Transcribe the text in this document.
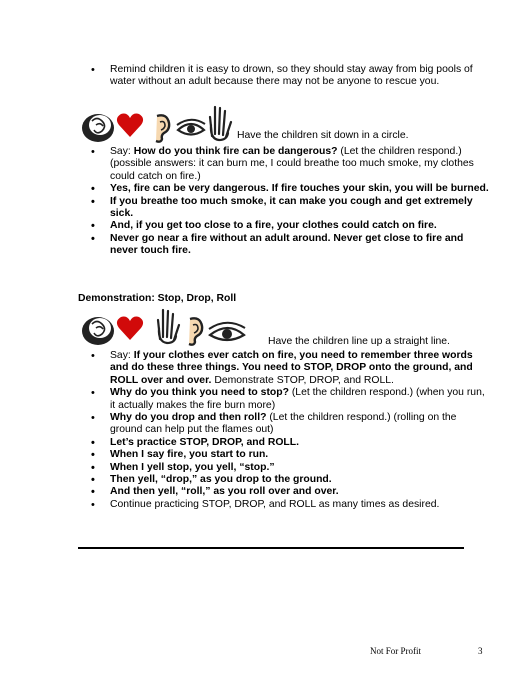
• Remind children it is easy to drown, so they should stay away from big pools of water without an adult because there may not be anyone to rescue you.
Have the children sit down in a circle.
• Say: How do you think fire can be dangerous? (Let the children respond.) (possible answers: it can burn me, I could breathe too much smoke, my clothes could catch on fire.)
• Yes, fire can be very dangerous. If fire touches your skin, you will be burned.
• If you breathe too much smoke, it can make you cough and get extremely sick.
• And, if you get too close to a fire, your clothes could catch on fire.
• Never go near a fire without an adult around. Never get close to fire and never touch fire.
Demonstration: Stop, Drop, Roll
Have the children line up a straight line.
• Say: If your clothes ever catch on fire, you need to remember three words and do these three things. You need to STOP, DROP onto the ground, and ROLL over and over. Demonstrate STOP, DROP, and ROLL.
• Why do you think you need to stop? (Let the children respond.) (when you run, it actually makes the fire burn more)
• Why do you drop and then roll? (Let the children respond.) (rolling on the ground can help put the flames out)
• Let’s practice STOP, DROP, and ROLL.
• When I say fire, you start to run.
• When I yell stop, you yell, “stop.”
• Then yell, “drop,” as you drop to the ground.
• And then yell, “roll,” as you roll over and over.
• Continue practicing STOP, DROP, and ROLL as many times as desired.
Not For Profit	3
